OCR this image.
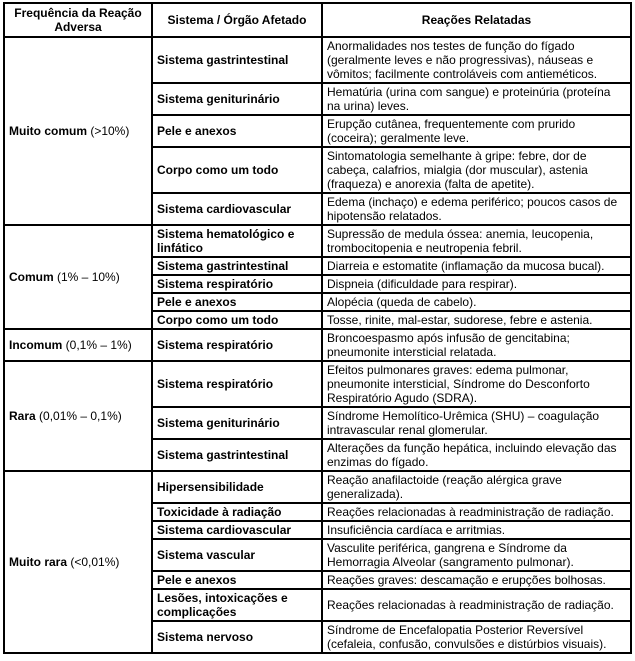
Frequência da Reação Adversa	Sistema / Órgão Afetado	Reações Relatadas
Muito comum (>10%)	Sistema gastrintestinal	Anormalidades nos testes de função do fígado (geralmente leves e não progressivas), náuseas e vômitos; facilmente controláveis com antieméticos.
	Sistema geniturinário	Hematúria (urina com sangue) e proteinúria (proteína na urina) leves.
	Pele e anexos	Erupção cutânea, frequentemente com prurido (coceira); geralmente leve.
	Corpo como um todo	Sintomatologia semelhante à gripe: febre, dor de cabeça, calafrios, mialgia (dor muscular), astenia (fraqueza) e anorexia (falta de apetite).
	Sistema cardiovascular	Edema (inchaço) e edema periférico; poucos casos de hipotensão relatados.
Comum (1% – 10%)	Sistema hematológico e linfático	Supressão de medula óssea: anemia, leucopenia, trombocitopenia e neutropenia febril.
	Sistema gastrintestinal	Diarreia e estomatite (inflamação da mucosa bucal).
	Sistema respiratório	Dispneia (dificuldade para respirar).
	Pele e anexos	Alopécia (queda de cabelo).
	Corpo como um todo	Tosse, rinite, mal-estar, sudorese, febre e astenia.
Incomum (0,1% – 1%)	Sistema respiratório	Broncoespasmo após infusão de gencitabina; pneumonite intersticial relatada.
Rara (0,01% – 0,1%)	Sistema respiratório	Efeitos pulmonares graves: edema pulmonar, pneumonite intersticial, Síndrome do Desconforto Respiratório Agudo (SDRA).
	Sistema geniturinário	Síndrome Hemolítico-Urêmica (SHU) – coagulação intravascular renal glomerular.
	Sistema gastrintestinal	Alterações da função hepática, incluindo elevação das enzimas do fígado.
Muito rara (<0,01%)	Hipersensibilidade	Reação anafilactoide (reação alérgica grave generalizada).
	Toxicidade à radiação	Reações relacionadas à readministração de radiação.
	Sistema cardiovascular	Insuficiência cardíaca e arritmias.
	Sistema vascular	Vasculite periférica, gangrena e Síndrome da Hemorragia Alveolar (sangramento pulmonar).
	Pele e anexos	Reações graves: descamação e erupções bolhosas.
	Lesões, intoxicações e complicações	Reações relacionadas à readministração de radiação.
	Sistema nervoso	Síndrome de Encefalopatia Posterior Reversível (cefaleia, confusão, convulsões e distúrbios visuais).
